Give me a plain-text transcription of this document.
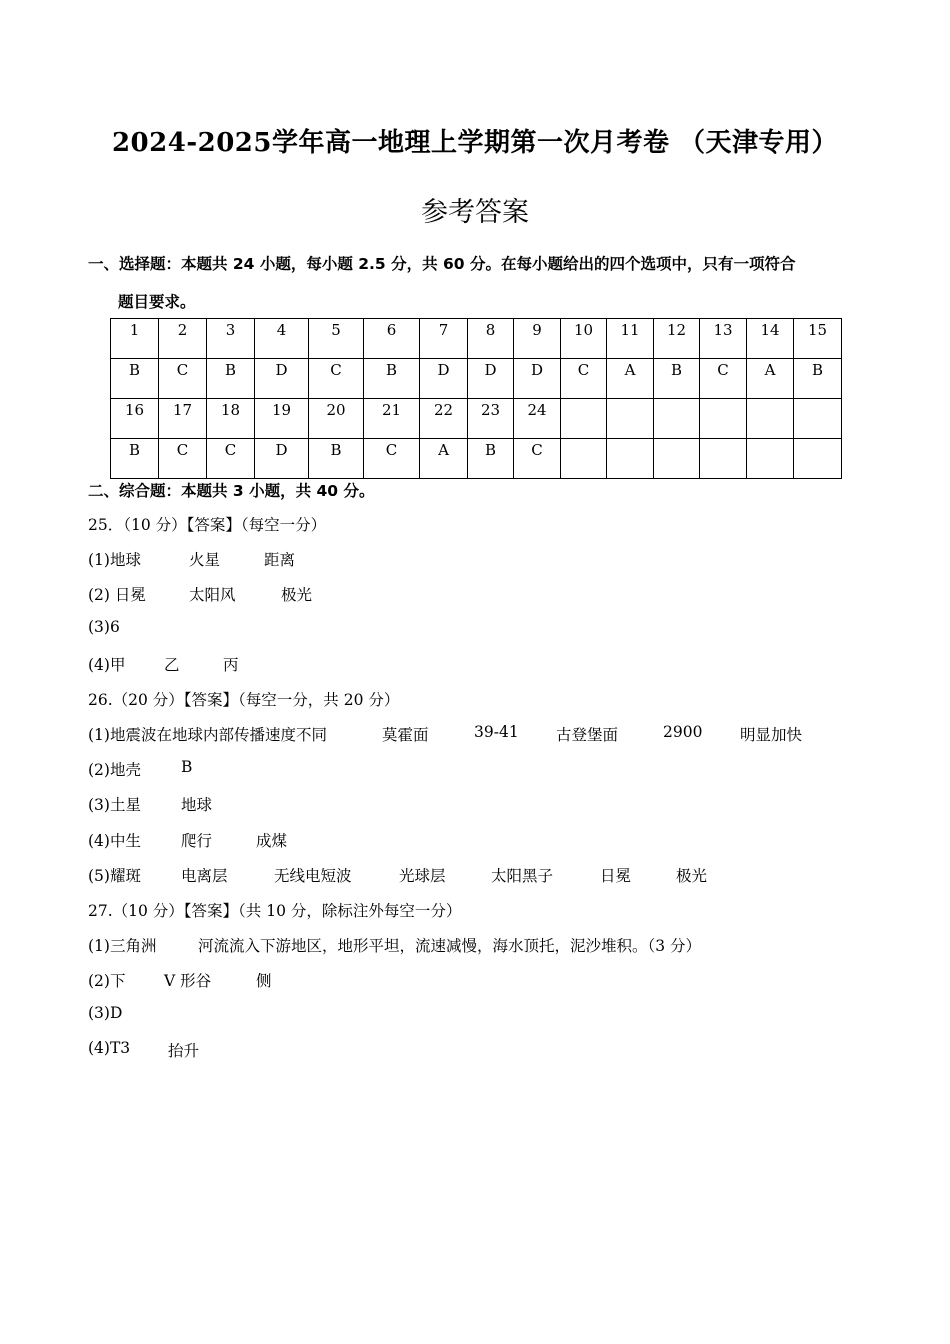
2024-2025学年高一地理上学期第一次月考卷 （天津专用）
参考答案
一、选择题：本题共 24 小题，每小题 2.5 分，共 60 分。在每小题给出的四个选项中，只有一项符合
题目要求。
1	2	3	4	5	6	7	8	9	10	11	12	13	14	15
B	C	B	D	C	B	D	D	D	C	A	B	C	A	B
16	17	18	19	20	21	22	23	24						
B	C	C	D	B	C	A	B	C						
二、综合题：本题共 3 小题，共 40 分。
25．（10 分）【答案】（每空一分）
(1)地球	火星	距离
(2) 日冕	太阳风	极光
(3)6
(4)甲 乙	丙
26.（20 分）【答案】（每空一分，共 20 分）
(1)地震波在地球内部传播速度不同	莫霍面	39-41 古登堡面	2900 明显加快
(2)地壳	B
(3)土星	地球
(4)中生	爬行	成煤
(5)耀斑	电离层	无线电短波	光球层	太阳黑子	日冕	极光
27.（10 分）【答案】（共 10 分，除标注外每空一分）
(1)三角洲	河流流入下游地区，地形平坦，流速减慢，海水顶托，泥沙堆积。（3 分）
(2)下 V 形谷	侧
(3)D
(4)T3 抬升
